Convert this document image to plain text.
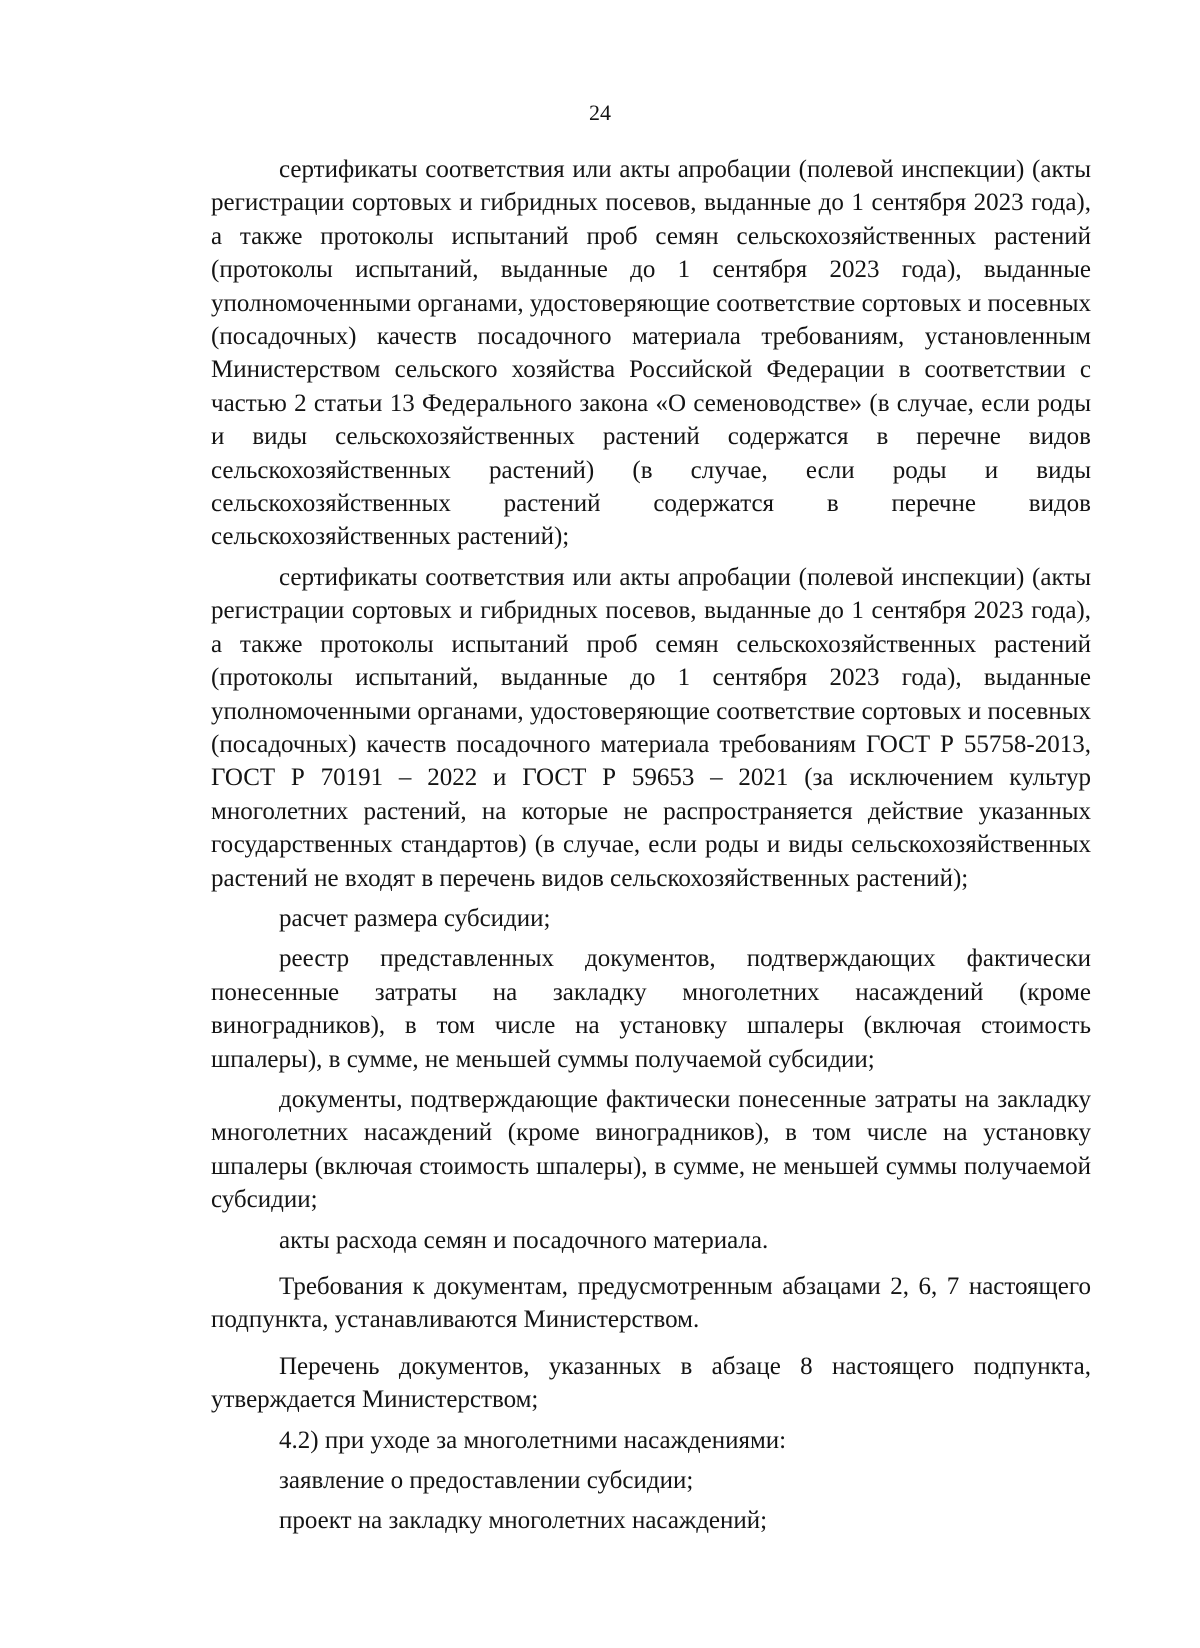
24

сертификаты соответствия или акты апробации (полевой инспекции) (акты регистрации сортовых и гибридных посевов, выданные до 1 сентября 2023 года), а также протоколы испытаний проб семян сельскохозяйственных растений (протоколы испытаний, выданные до 1 сентября 2023 года), выданные уполномоченными органами, удостоверяющие соответствие сортовых и посевных (посадочных) качеств посадочного материала требованиям, установленным Министерством сельского хозяйства Российской Федерации в соответствии с частью 2 статьи 13 Федерального закона «О семеноводстве» (в случае, если роды и виды сельскохозяйственных растений содержатся в перечне видов сельскохозяйственных растений) (в случае, если роды и виды сельскохозяйственных растений содержатся в перечне видов сельскохозяйственных растений);

сертификаты соответствия или акты апробации (полевой инспекции) (акты регистрации сортовых и гибридных посевов, выданные до 1 сентября 2023 года), а также протоколы испытаний проб семян сельскохозяйственных растений (протоколы испытаний, выданные до 1 сентября 2023 года), выданные уполномоченными органами, удостоверяющие соответствие сортовых и посевных (посадочных) качеств посадочного материала требованиям ГОСТ Р 55758-2013, ГОСТ Р 70191 – 2022 и ГОСТ Р 59653 – 2021 (за исключением культур многолетних растений, на которые не распространяется действие указанных государственных стандартов) (в случае, если роды и виды сельскохозяйственных растений не входят в перечень видов сельскохозяйственных растений);

расчет размера субсидии;

реестр представленных документов, подтверждающих фактически понесенные затраты на закладку многолетних насаждений (кроме виноградников), в том числе на установку шпалеры (включая стоимость шпалеры), в сумме, не меньшей суммы получаемой субсидии;

документы, подтверждающие фактически понесенные затраты на закладку многолетних насаждений (кроме виноградников), в том числе на установку шпалеры (включая стоимость шпалеры), в сумме, не меньшей суммы получаемой субсидии;

акты расхода семян и посадочного материала.

Требования к документам, предусмотренным абзацами 2, 6, 7 настоящего подпункта, устанавливаются Министерством.

Перечень документов, указанных в абзаце 8 настоящего подпункта, утверждается Министерством;

4.2) при уходе за многолетними насаждениями:

заявление о предоставлении субсидии;

проект на закладку многолетних насаждений;
